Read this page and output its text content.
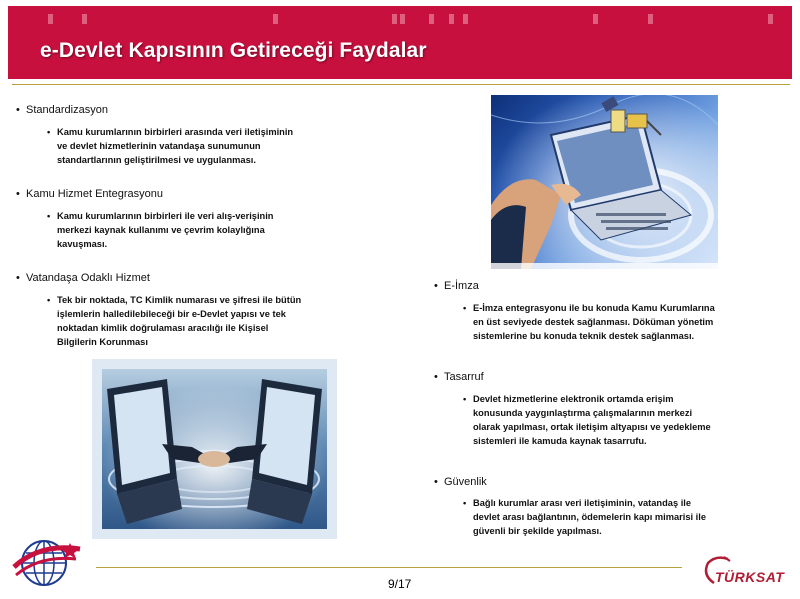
e-Devlet Kapısının Getireceği Faydalar
• Standardizasyon
• Kamu kurumlarının birbirleri arasında veri iletişiminin
ve devlet hizmetlerinin vatandaşa sunumunun
standartlarının geliştirilmesi ve uygulanması.
• Kamu Hizmet Entegrasyonu
• Kamu kurumlarının birbirleri ile veri alış-verişinin
merkezi kaynak kullanımı ve çevrim kolaylığına
kavuşması.
• Vatandaşa Odaklı Hizmet
• Tek bir noktada, TC Kimlik numarası ve şifresi ile bütün
işlemlerin halledilebileceği bir e-Devlet yapısı ve tek
noktadan kimlik doğrulaması aracılığı ile Kişisel
Bilgilerin Korunması
• E-İmza
• E-İmza entegrasyonu ile bu konuda Kamu Kurumlarına
en üst seviyede destek sağlanması. Döküman yönetim
sistemlerine bu konuda teknik destek sağlanması.
• Tasarruf
• Devlet hizmetlerine elektronik ortamda erişim
konusunda yaygınlaştırma çalışmalarının merkezi
olarak yapılması, ortak iletişim altyapısı ve yedekleme
sistemleri ile kamuda kaynak tasarrufu.
• Güvenlik
• Bağlı kurumlar arası veri iletişiminin, vatandaş ile
devlet arası bağlantının, ödemelerin kapı mimarisi ile
güvenli bir şekilde yapılması.
9/17	TÜRKSAT
